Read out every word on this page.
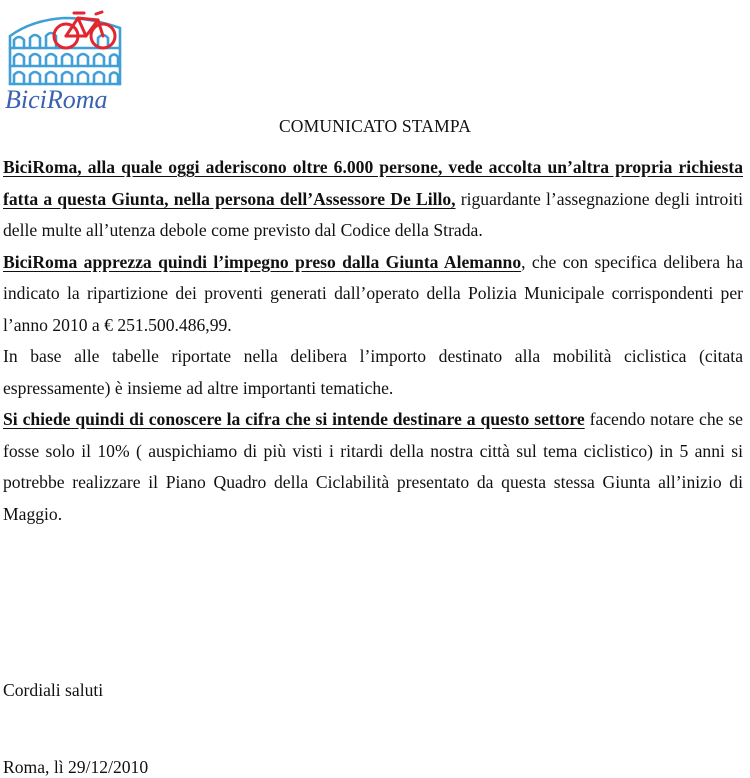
BiciRoma
COMUNICATO STAMPA

BiciRoma, alla quale oggi aderiscono oltre 6.000 persone, vede accolta un’altra propria richiesta fatta a questa Giunta, nella persona dell’Assessore De Lillo, riguardante l’assegnazione degli introiti delle multe all’utenza debole come previsto dal Codice della Strada.

BiciRoma apprezza quindi l’impegno preso dalla Giunta Alemanno, che con specifica delibera ha indicato la ripartizione dei proventi generati dall’operato della Polizia Municipale corrispondenti per l’anno 2010 a € 251.500.486,99.

In base alle tabelle riportate nella delibera l’importo destinato alla mobilità ciclistica (citata espressamente) è insieme ad altre importanti tematiche.

Si chiede quindi di conoscere la cifra che si intende destinare a questo settore facendo notare che se fosse solo il 10% ( auspichiamo di più visti i ritardi della nostra città sul tema ciclistico) in 5 anni si potrebbe realizzare il Piano Quadro della Ciclabilità presentato da questa stessa Giunta all’inizio di Maggio.

Cordiali saluti
Roma, lì 29/12/2010
